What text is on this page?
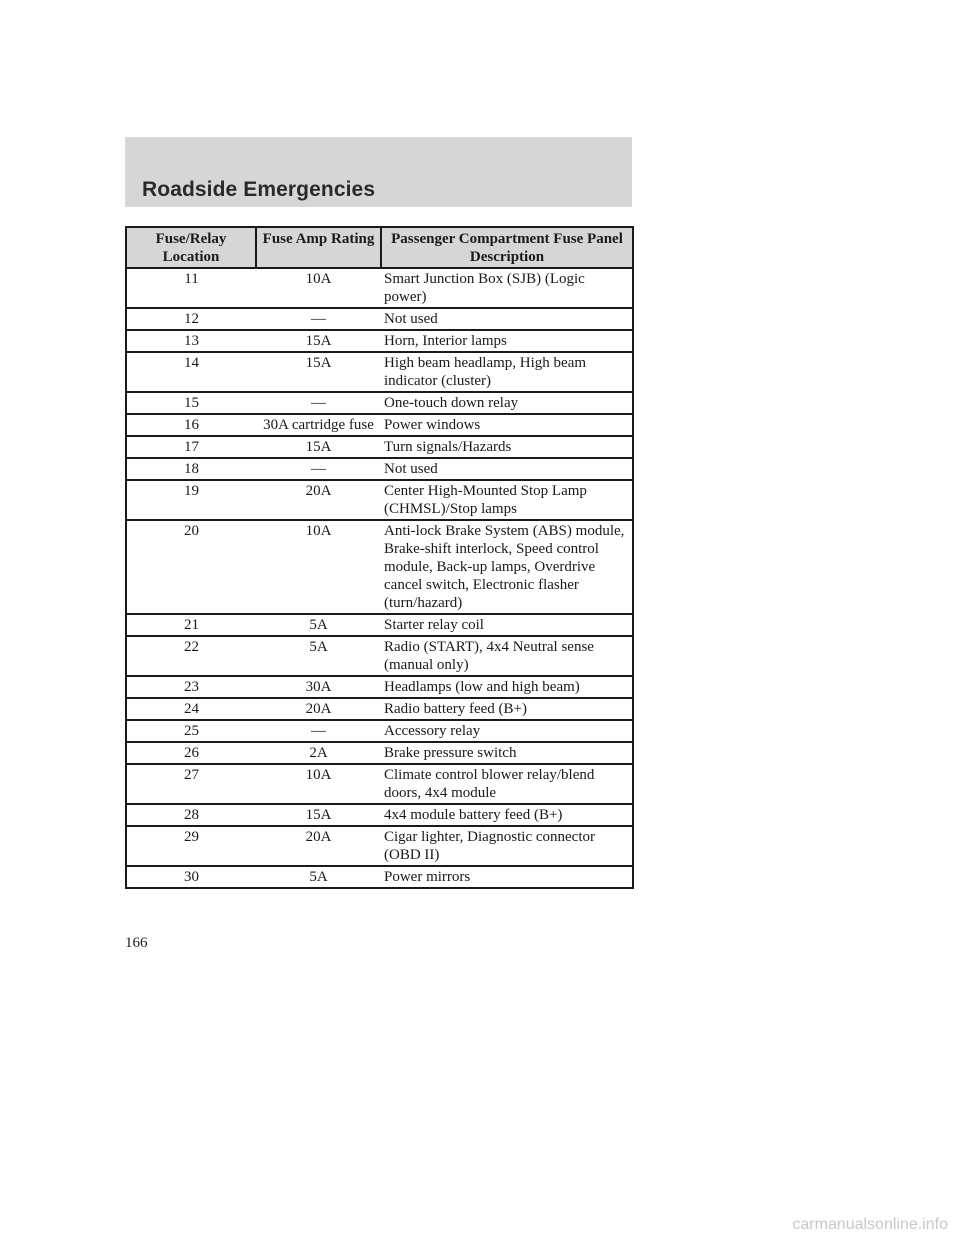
Roadside Emergencies
Fuse/Relay Location	Fuse Amp Rating	Passenger Compartment Fuse Panel Description
11	10A	Smart Junction Box (SJB) (Logic power)
12	—	Not used
13	15A	Horn, Interior lamps
14	15A	High beam headlamp, High beam indicator (cluster)
15	—	One-touch down relay
16	30A cartridge fuse	Power windows
17	15A	Turn signals/Hazards
18	—	Not used
19	20A	Center High-Mounted Stop Lamp (CHMSL)/Stop lamps
20	10A	Anti-lock Brake System (ABS) module, Brake-shift interlock, Speed control module, Back-up lamps, Overdrive cancel switch, Electronic flasher (turn/hazard)
21	5A	Starter relay coil
22	5A	Radio (START), 4x4 Neutral sense (manual only)
23	30A	Headlamps (low and high beam)
24	20A	Radio battery feed (B+)
25	—	Accessory relay
26	2A	Brake pressure switch
27	10A	Climate control blower relay/blend doors, 4x4 module
28	15A	4x4 module battery feed (B+)
29	20A	Cigar lighter, Diagnostic connector (OBD II)
30	5A	Power mirrors

166

carmanualsonline.info
